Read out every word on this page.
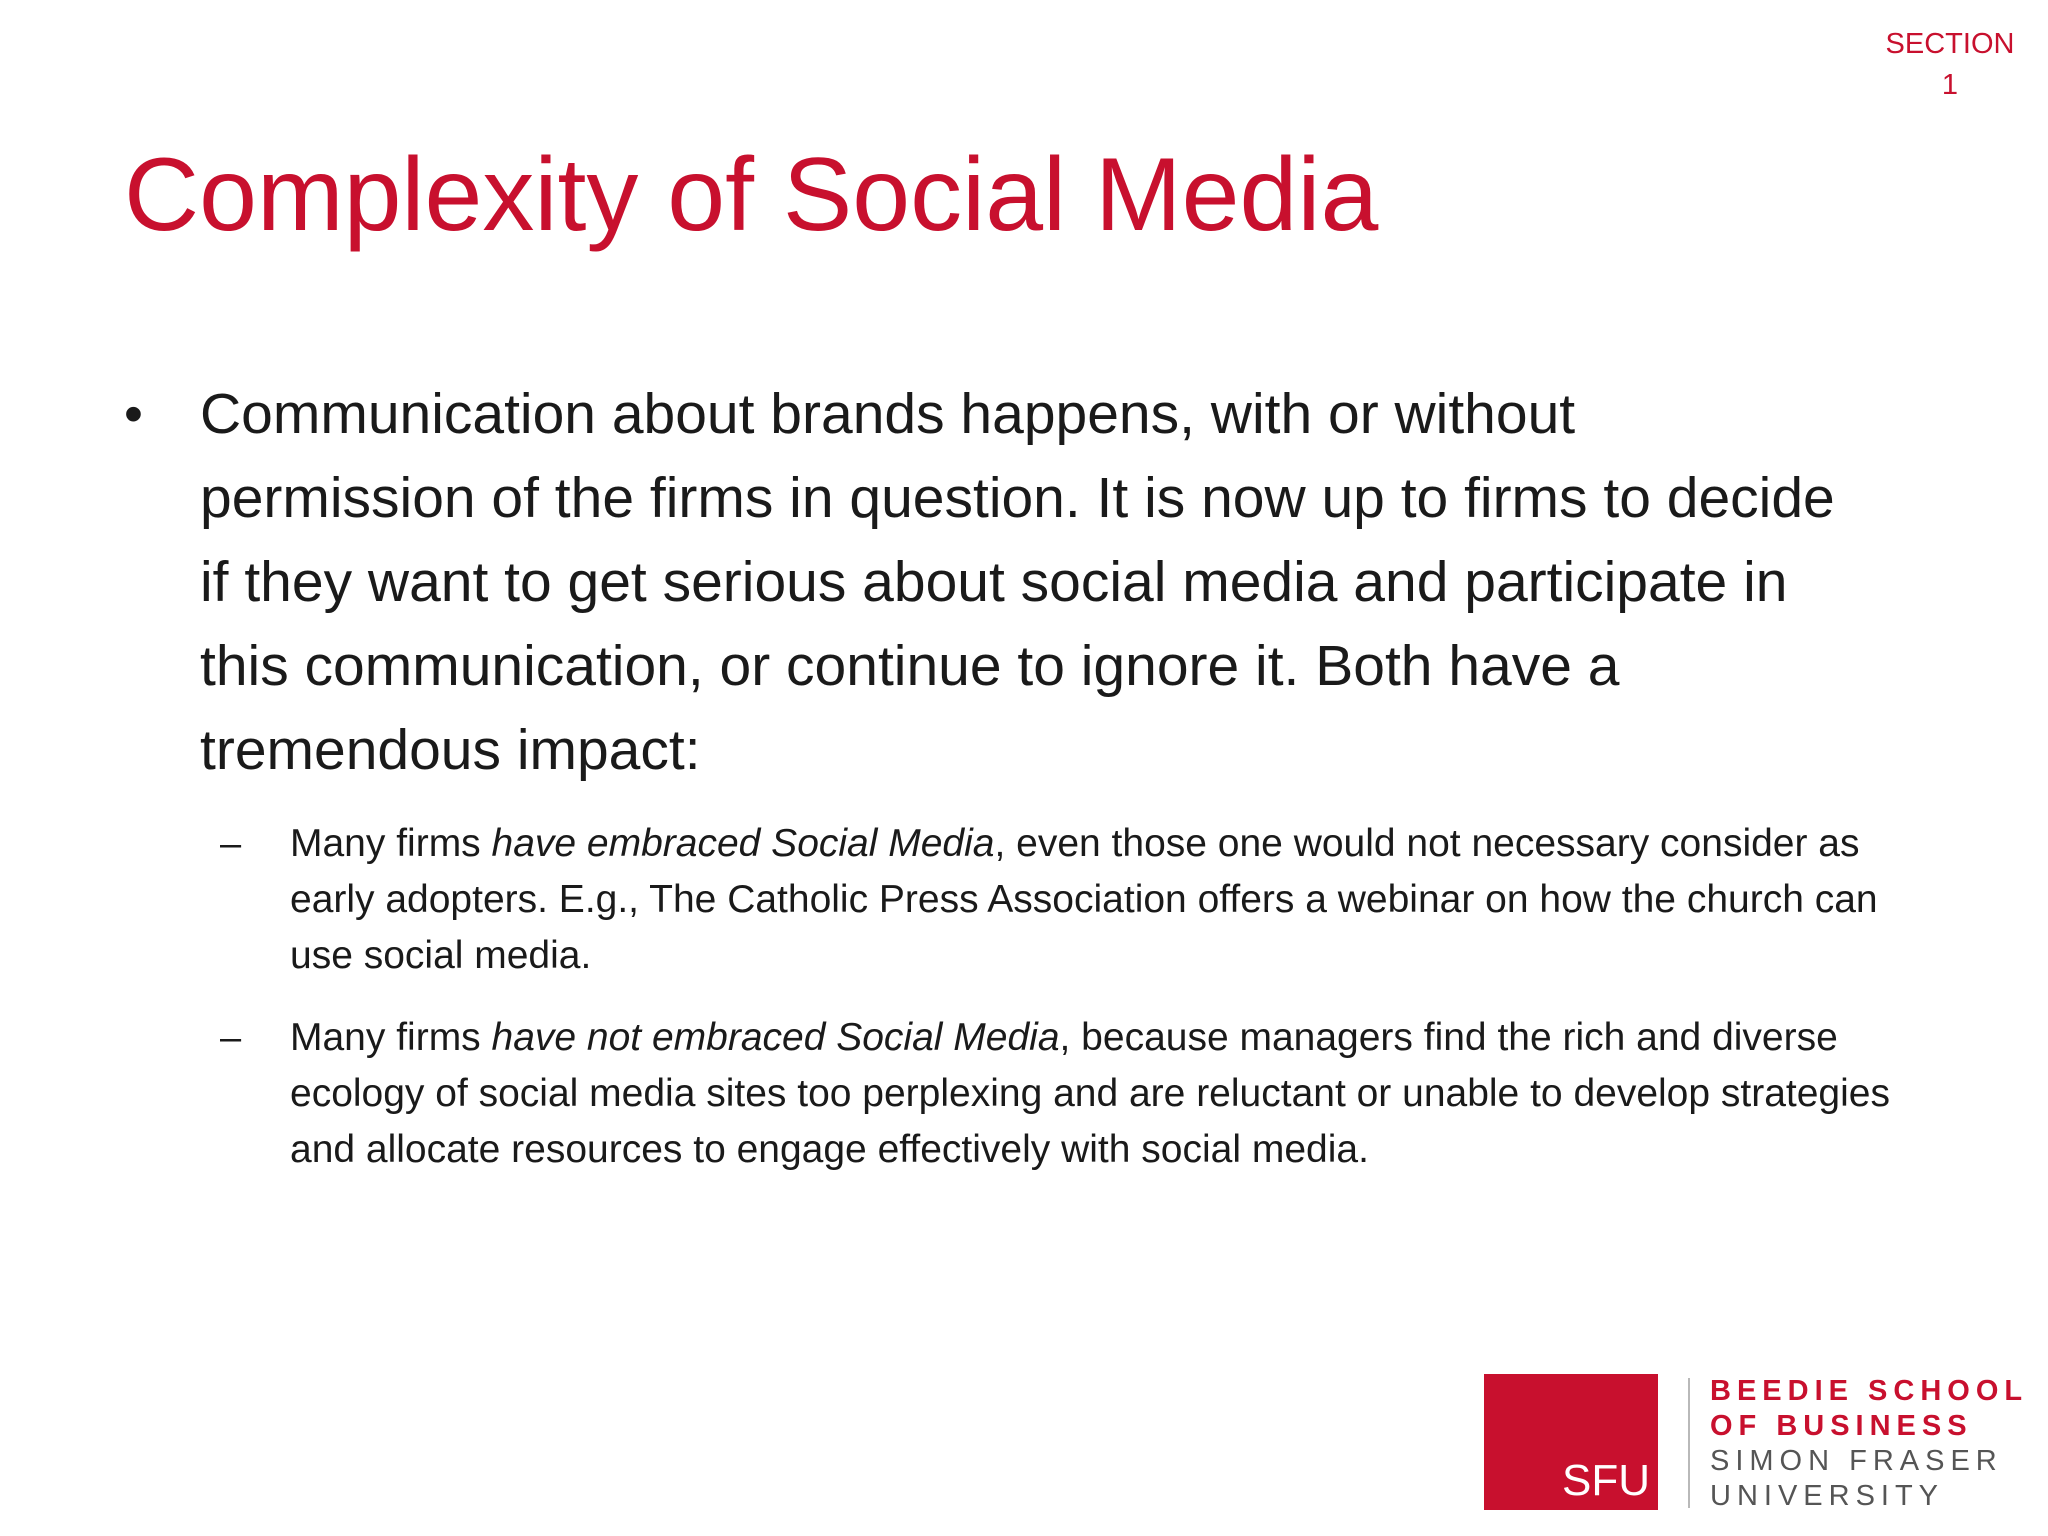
SECTION
1
Complexity of Social Media
•	Communication about brands happens, with or without permission of the firms in question. It is now up to firms to decide if they want to get serious about social media and participate in this communication, or continue to ignore it. Both have a tremendous impact:
–	Many firms have embraced Social Media, even those one would not necessary consider as early adopters. E.g., The Catholic Press Association offers a webinar on how the church can use social media.
–	Many firms have not embraced Social Media, because managers find the rich and diverse ecology of social media sites too perplexing and are reluctant or unable to develop strategies and allocate resources to engage effectively with social media.
SFU
BEEDIE SCHOOL
OF BUSINESS
SIMON FRASER
UNIVERSITY
